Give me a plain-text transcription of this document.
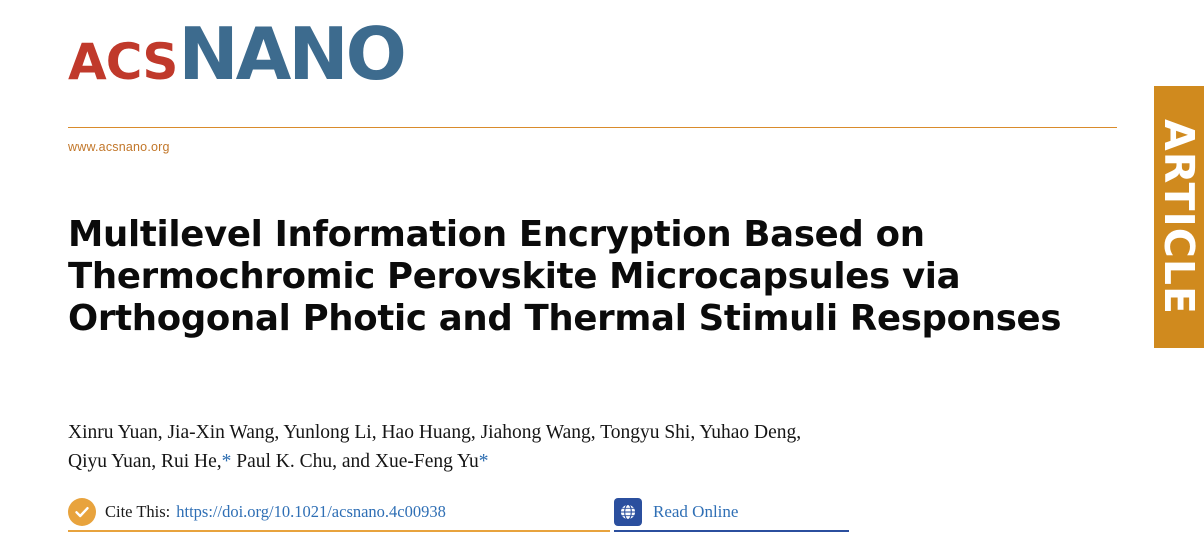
ACS NANO
www.acsnano.org	ARTICLE
Multilevel Information Encryption Based on Thermochromic Perovskite Microcapsules via Orthogonal Photic and Thermal Stimuli Responses
Xinru Yuan, Jia-Xin Wang, Yunlong Li, Hao Huang, Jiahong Wang, Tongyu Shi, Yuhao Deng,
Qiyu Yuan, Rui He,* Paul K. Chu, and Xue-Feng Yu*
Cite This: https://doi.org/10.1021/acsnano.4c00938	Read Online
